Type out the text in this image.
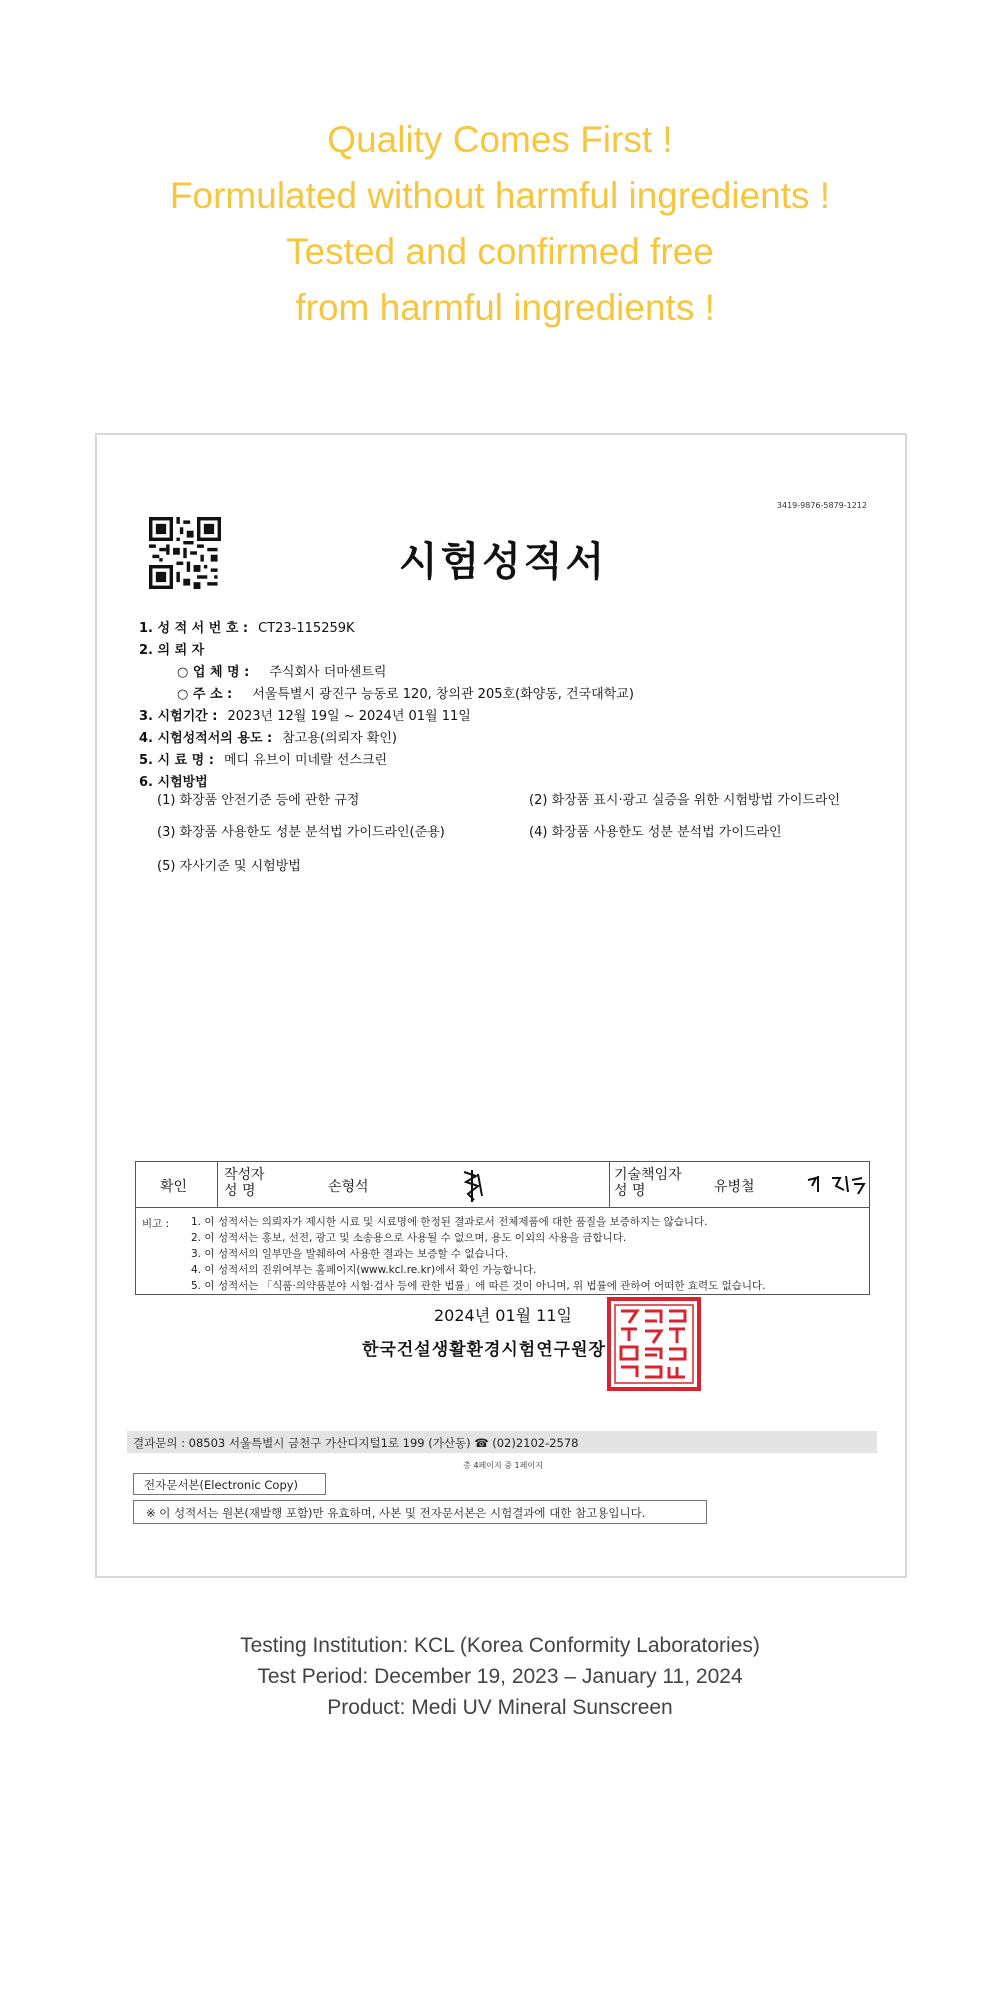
Quality Comes First !
Formulated without harmful ingredients !
Tested and confirmed free
from harmful ingredients !
3419-9876-5879-1212
시험성적서
1. 성 적 서 번 호 : CT23-115259K
2. 의 뢰 자
○ 업 체 명 : 주식회사 더마센트릭
○ 주 소 : 서울특별시 광진구 능동로 120, 창의관 205호(화양동, 건국대학교)
3. 시험기간 : 2023년 12월 19일 ~ 2024년 01월 11일
4. 시험성적서의 용도 : 참고용(의뢰자 확인)
5. 시 료 명 : 메디 유브이 미네랄 선스크린
6. 시험방법
(1) 화장품 안전기준 등에 관한 규정	(2) 화장품 표시·광고 실증을 위한 시험방법 가이드라인
(3) 화장품 사용한도 성분 분석법 가이드라인(준용)	(4) 화장품 사용한도 성분 분석법 가이드라인
(5) 자사기준 및 시험방법
확인
작성자
성 명	손형석
기술책임자
성 명	유병철
비고 : 1. 이 성적서는 의뢰자가 제시한 시료 및 시료명에 한정된 결과로서 전체제품에 대한 품질을 보증하지는 않습니다.
2. 이 성적서는 홍보, 선전, 광고 및 소송용으로 사용될 수 없으며, 용도 이외의 사용을 금합니다.
3. 이 성적서의 일부만을 발췌하여 사용한 결과는 보증할 수 없습니다.
4. 이 성적서의 진위여부는 홈페이지(www.kcl.re.kr)에서 확인 가능합니다.
5. 이 성적서는 「식품·의약품분야 시험·검사 등에 관한 법률」에 따른 것이 아니며, 위 법률에 관하여 어떠한 효력도 없습니다.
2024년 01월 11일
한국건설생활환경시험연구원장
결과문의 : 08503 서울특별시 금천구 가산디지털1로 199 (가산동) ☎ (02)2102-2578
총 4페이지 중 1페이지
전자문서본(Electronic Copy)
※ 이 성적서는 원본(재발행 포함)만 유효하며, 사본 및 전자문서본은 시험결과에 대한 참고용입니다.
Testing Institution: KCL (Korea Conformity Laboratories)
Test Period: December 19, 2023 – January 11, 2024
Product: Medi UV Mineral Sunscreen
